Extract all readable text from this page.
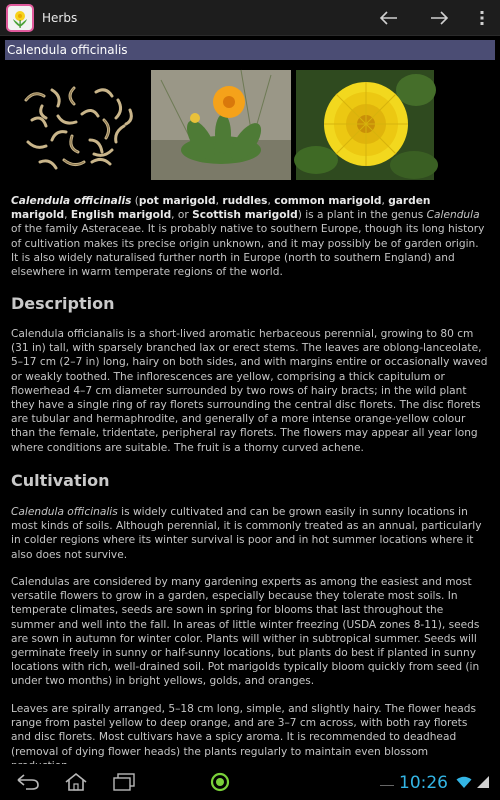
Herbs
Calendula officinalis
Calendula officinalis (pot marigold, ruddles, common marigold, garden marigold, English marigold, or Scottish marigold) is a plant in the genus Calendula of the family Asteraceae. It is probably native to southern Europe, though its long history of cultivation makes its precise origin unknown, and it may possibly be of garden origin. It is also widely naturalised further north in Europe (north to southern England) and elsewhere in warm temperate regions of the world.
Description
Calendula officianalis is a short-lived aromatic herbaceous perennial, growing to 80 cm (31 in) tall, with sparsely branched lax or erect stems. The leaves are oblong-lanceolate, 5–17 cm (2–7 in) long, hairy on both sides, and with margins entire or occasionally waved or weakly toothed. The inflorescences are yellow, comprising a thick capitulum or flowerhead 4–7 cm diameter surrounded by two rows of hairy bracts; in the wild plant they have a single ring of ray florets surrounding the central disc florets. The disc florets are tubular and hermaphrodite, and generally of a more intense orange-yellow colour than the female, tridentate, peripheral ray florets. The flowers may appear all year long where conditions are suitable. The fruit is a thorny curved achene.
Cultivation
Calendula officinalis is widely cultivated and can be grown easily in sunny locations in most kinds of soils. Although perennial, it is commonly treated as an annual, particularly in colder regions where its winter survival is poor and in hot summer locations where it also does not survive.
Calendulas are considered by many gardening experts as among the easiest and most versatile flowers to grow in a garden, especially because they tolerate most soils. In temperate climates, seeds are sown in spring for blooms that last throughout the summer and well into the fall. In areas of little winter freezing (USDA zones 8-11), seeds are sown in autumn for winter color. Plants will wither in subtropical summer. Seeds will germinate freely in sunny or half-sunny locations, but plants do best if planted in sunny locations with rich, well-drained soil. Pot marigolds typically bloom quickly from seed (in under two months) in bright yellows, golds, and oranges.
Leaves are spirally arranged, 5–18 cm long, simple, and slightly hairy. The flower heads range from pastel yellow to deep orange, and are 3–7 cm across, with both ray florets and disc florets. Most cultivars have a spicy aroma. It is recommended to deadhead (removal of dying flower heads) the plants regularly to maintain even blossom
10:26
